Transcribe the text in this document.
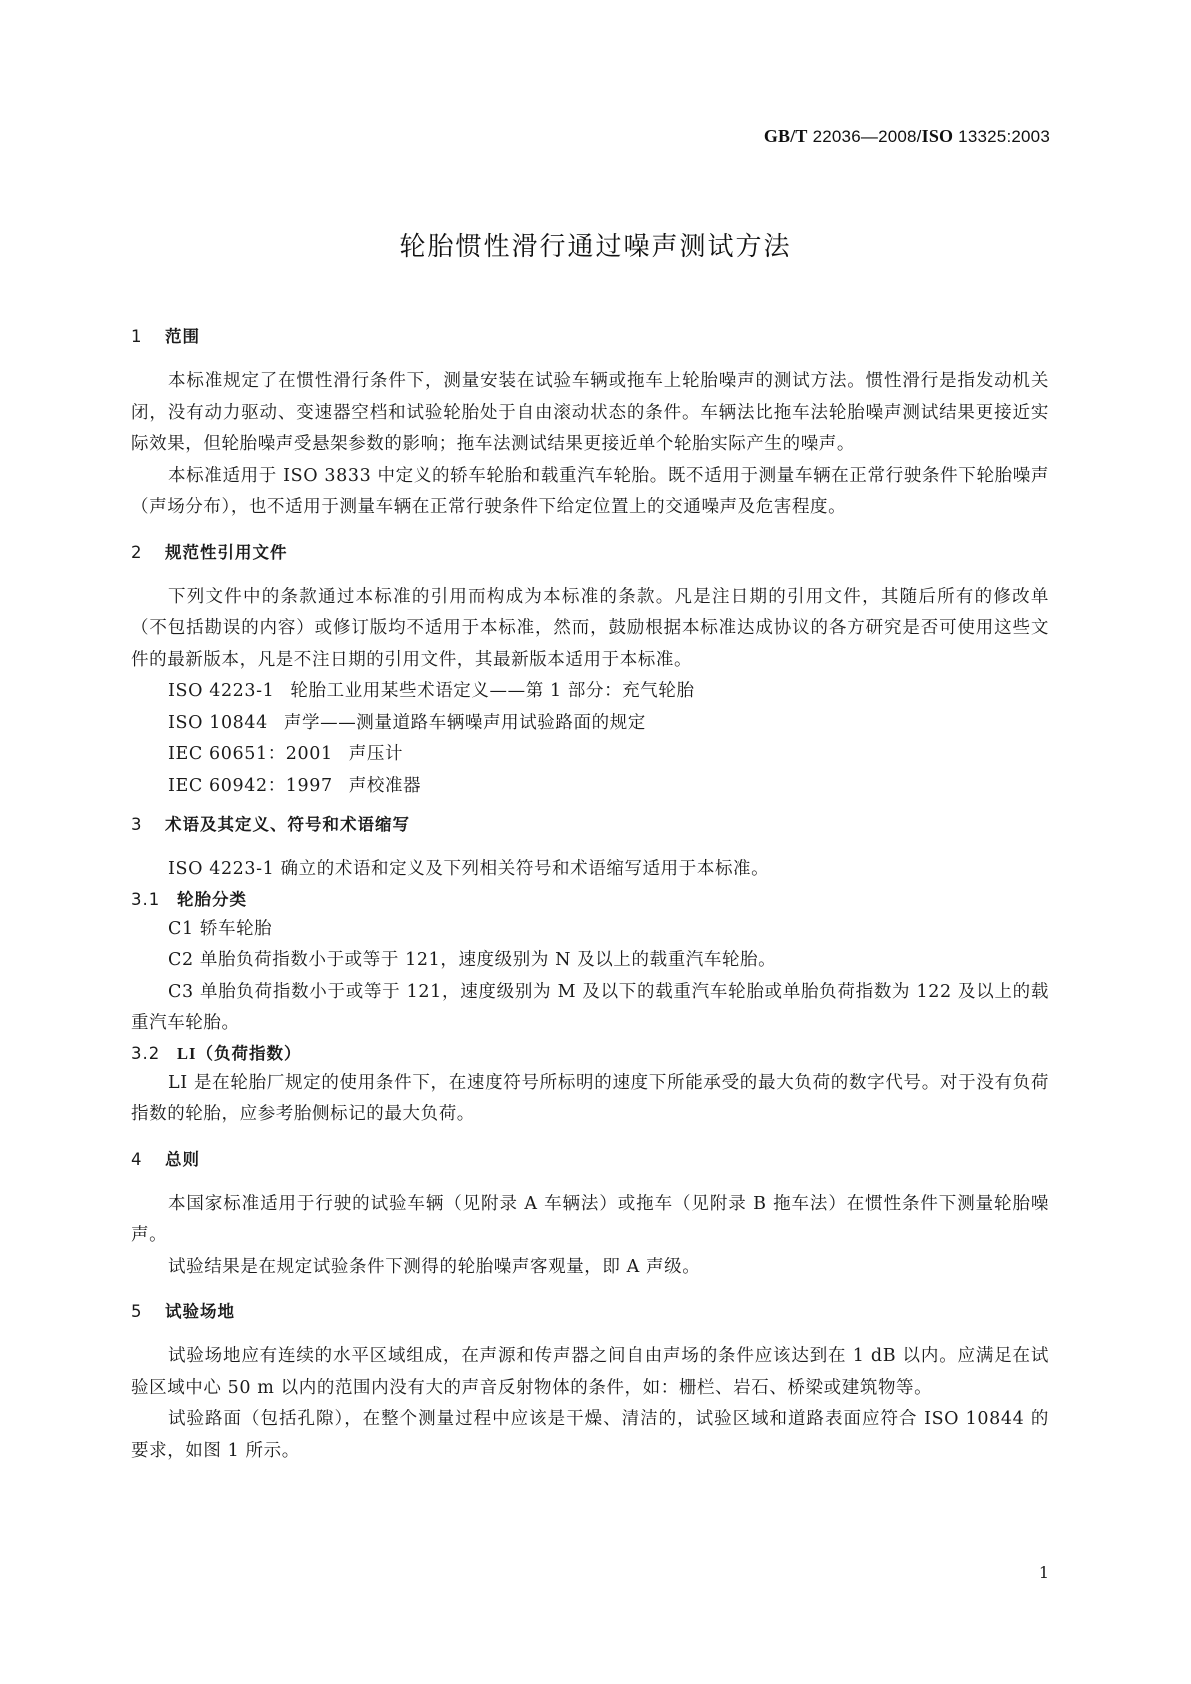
GB/T 22036—2008/ISO 13325:2003
轮胎惯性滑行通过噪声测试方法
1	范围

本标准规定了在惯性滑行条件下，测量安装在试验车辆或拖车上轮胎噪声的测试方法。惯性滑行是指发动机关闭，没有动力驱动、变速器空档和试验轮胎处于自由滚动状态的条件。车辆法比拖车法轮胎噪声测试结果更接近实际效果，但轮胎噪声受悬架参数的影响；拖车法测试结果更接近单个轮胎实际产生的噪声。

本标准适用于 ISO 3833 中定义的轿车轮胎和载重汽车轮胎。既不适用于测量车辆在正常行驶条件下轮胎噪声（声场分布），也不适用于测量车辆在正常行驶条件下给定位置上的交通噪声及危害程度。

2	规范性引用文件

下列文件中的条款通过本标准的引用而构成为本标准的条款。凡是注日期的引用文件，其随后所有的修改单（不包括勘误的内容）或修订版均不适用于本标准，然而，鼓励根据本标准达成协议的各方研究是否可使用这些文件的最新版本，凡是不注日期的引用文件，其最新版本适用于本标准。

ISO 4223-1 轮胎工业用某些术语定义——第 1 部分：充气轮胎
ISO 10844 声学——测量道路车辆噪声用试验路面的规定
IEC 60651：2001 声压计
IEC 60942：1997 声校准器
3	术语及其定义、符号和术语缩写

ISO 4223-1 确立的术语和定义及下列相关符号和术语缩写适用于本标准。

3.1	轮胎分类

C1 轿车轮胎

C2 单胎负荷指数小于或等于 121，速度级别为 N 及以上的载重汽车轮胎。

C3 单胎负荷指数小于或等于 121，速度级别为 M 及以下的载重汽车轮胎或单胎负荷指数为 122 及以上的载重汽车轮胎。

3.2	LI （负荷指数）

LI 是在轮胎厂规定的使用条件下，在速度符号所标明的速度下所能承受的最大负荷的数字代号。对于没有负荷指数的轮胎，应参考胎侧标记的最大负荷。

4	总则

本国家标准适用于行驶的试验车辆（见附录 A 车辆法）或拖车（见附录 B 拖车法）在惯性条件下测量轮胎噪声。

试验结果是在规定试验条件下测得的轮胎噪声客观量，即 A 声级。

5	试验场地

试验场地应有连续的水平区域组成，在声源和传声器之间自由声场的条件应该达到在 1 dB 以内。应满足在试验区域中心 50 m 以内的范围内没有大的声音反射物体的条件，如：栅栏、岩石、桥梁或建筑物等。

试验路面（包括孔隙），在整个测量过程中应该是干燥、清洁的，试验区域和道路表面应符合 ISO 10844 的要求，如图 1 所示。

1
